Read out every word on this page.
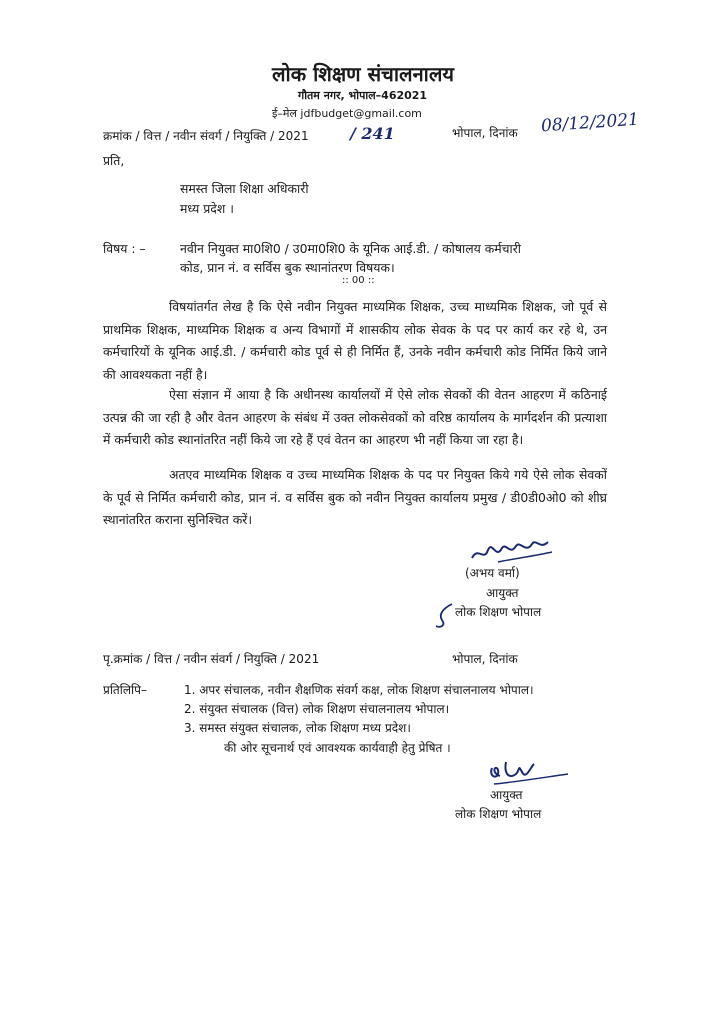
लोक शिक्षण संचालनालय
गौतम नगर, भोपाल–462021
ई–मेल jdfbudget@gmail.com
क्रमांक / वित्त / नवीन संवर्ग / नियुक्ति / 2021	/ 241	भोपाल, दिनांक 08/12/2021
प्रति,
समस्त जिला शिक्षा अधिकारी
मध्य प्रदेश ।
विषय : –	नवीन नियुक्त मा0शि0 / उ0मा0शि0 के यूनिक आई.डी. / कोषालय कर्मचारी
कोड, प्रान नं. व सर्विस बुक स्थानांतरण विषयक।
:: 00 ::
विषयांतर्गत लेख है कि ऐसे नवीन नियुक्त माध्यमिक शिक्षक, उच्च माध्यमिक शिक्षक, जो पूर्व से प्राथमिक शिक्षक, माध्यमिक शिक्षक व अन्य विभागों में शासकीय लोक सेवक के पद पर कार्य कर रहे थे, उन कर्मचारियों के यूनिक आई.डी. / कर्मचारी कोड पूर्व से ही निर्मित हैं, उनके नवीन कर्मचारी कोड निर्मित किये जाने की आवश्यकता नहीं है।
ऐसा संज्ञान में आया है कि अधीनस्थ कार्यालयों में ऐसे लोक सेवकों की वेतन आहरण में कठिनाई उत्पन्न की जा रही है और वेतन आहरण के संबंध में उक्त लोकसेवकों को वरिष्ठ कार्यालय के मार्गदर्शन की प्रत्याशा में कर्मचारी कोड स्थानांतरित नहीं किये जा रहे हैं एवं वेतन का आहरण भी नहीं किया जा रहा है।
अतएव माध्यमिक शिक्षक व उच्च माध्यमिक शिक्षक के पद पर नियुक्त किये गये ऐसे लोक सेवकों के पूर्व से निर्मित कर्मचारी कोड, प्रान नं. व सर्विस बुक को नवीन नियुक्त कार्यालय प्रमुख / डी0डी0ओ0 को शीघ्र स्थानांतरित कराना सुनिश्चित करें।
(अभय वर्मा)
आयुक्त
लोक शिक्षण भोपाल
पृ.क्रमांक / वित्त / नवीन संवर्ग / नियुक्ति / 2021	भोपाल, दिनांक
प्रतिलिपि–	1. अपर संचालक, नवीन शैक्षणिक संवर्ग कक्ष, लोक शिक्षण संचालनालय भोपाल।
2. संयुक्त संचालक (वित्त) लोक शिक्षण संचालनालय भोपाल।
3. समस्त संयुक्त संचालक, लोक शिक्षण मध्य प्रदेश।
की ओर सूचनार्थ एवं आवश्यक कार्यवाही हेतु प्रेषित ।
आयुक्त
लोक शिक्षण भोपाल
